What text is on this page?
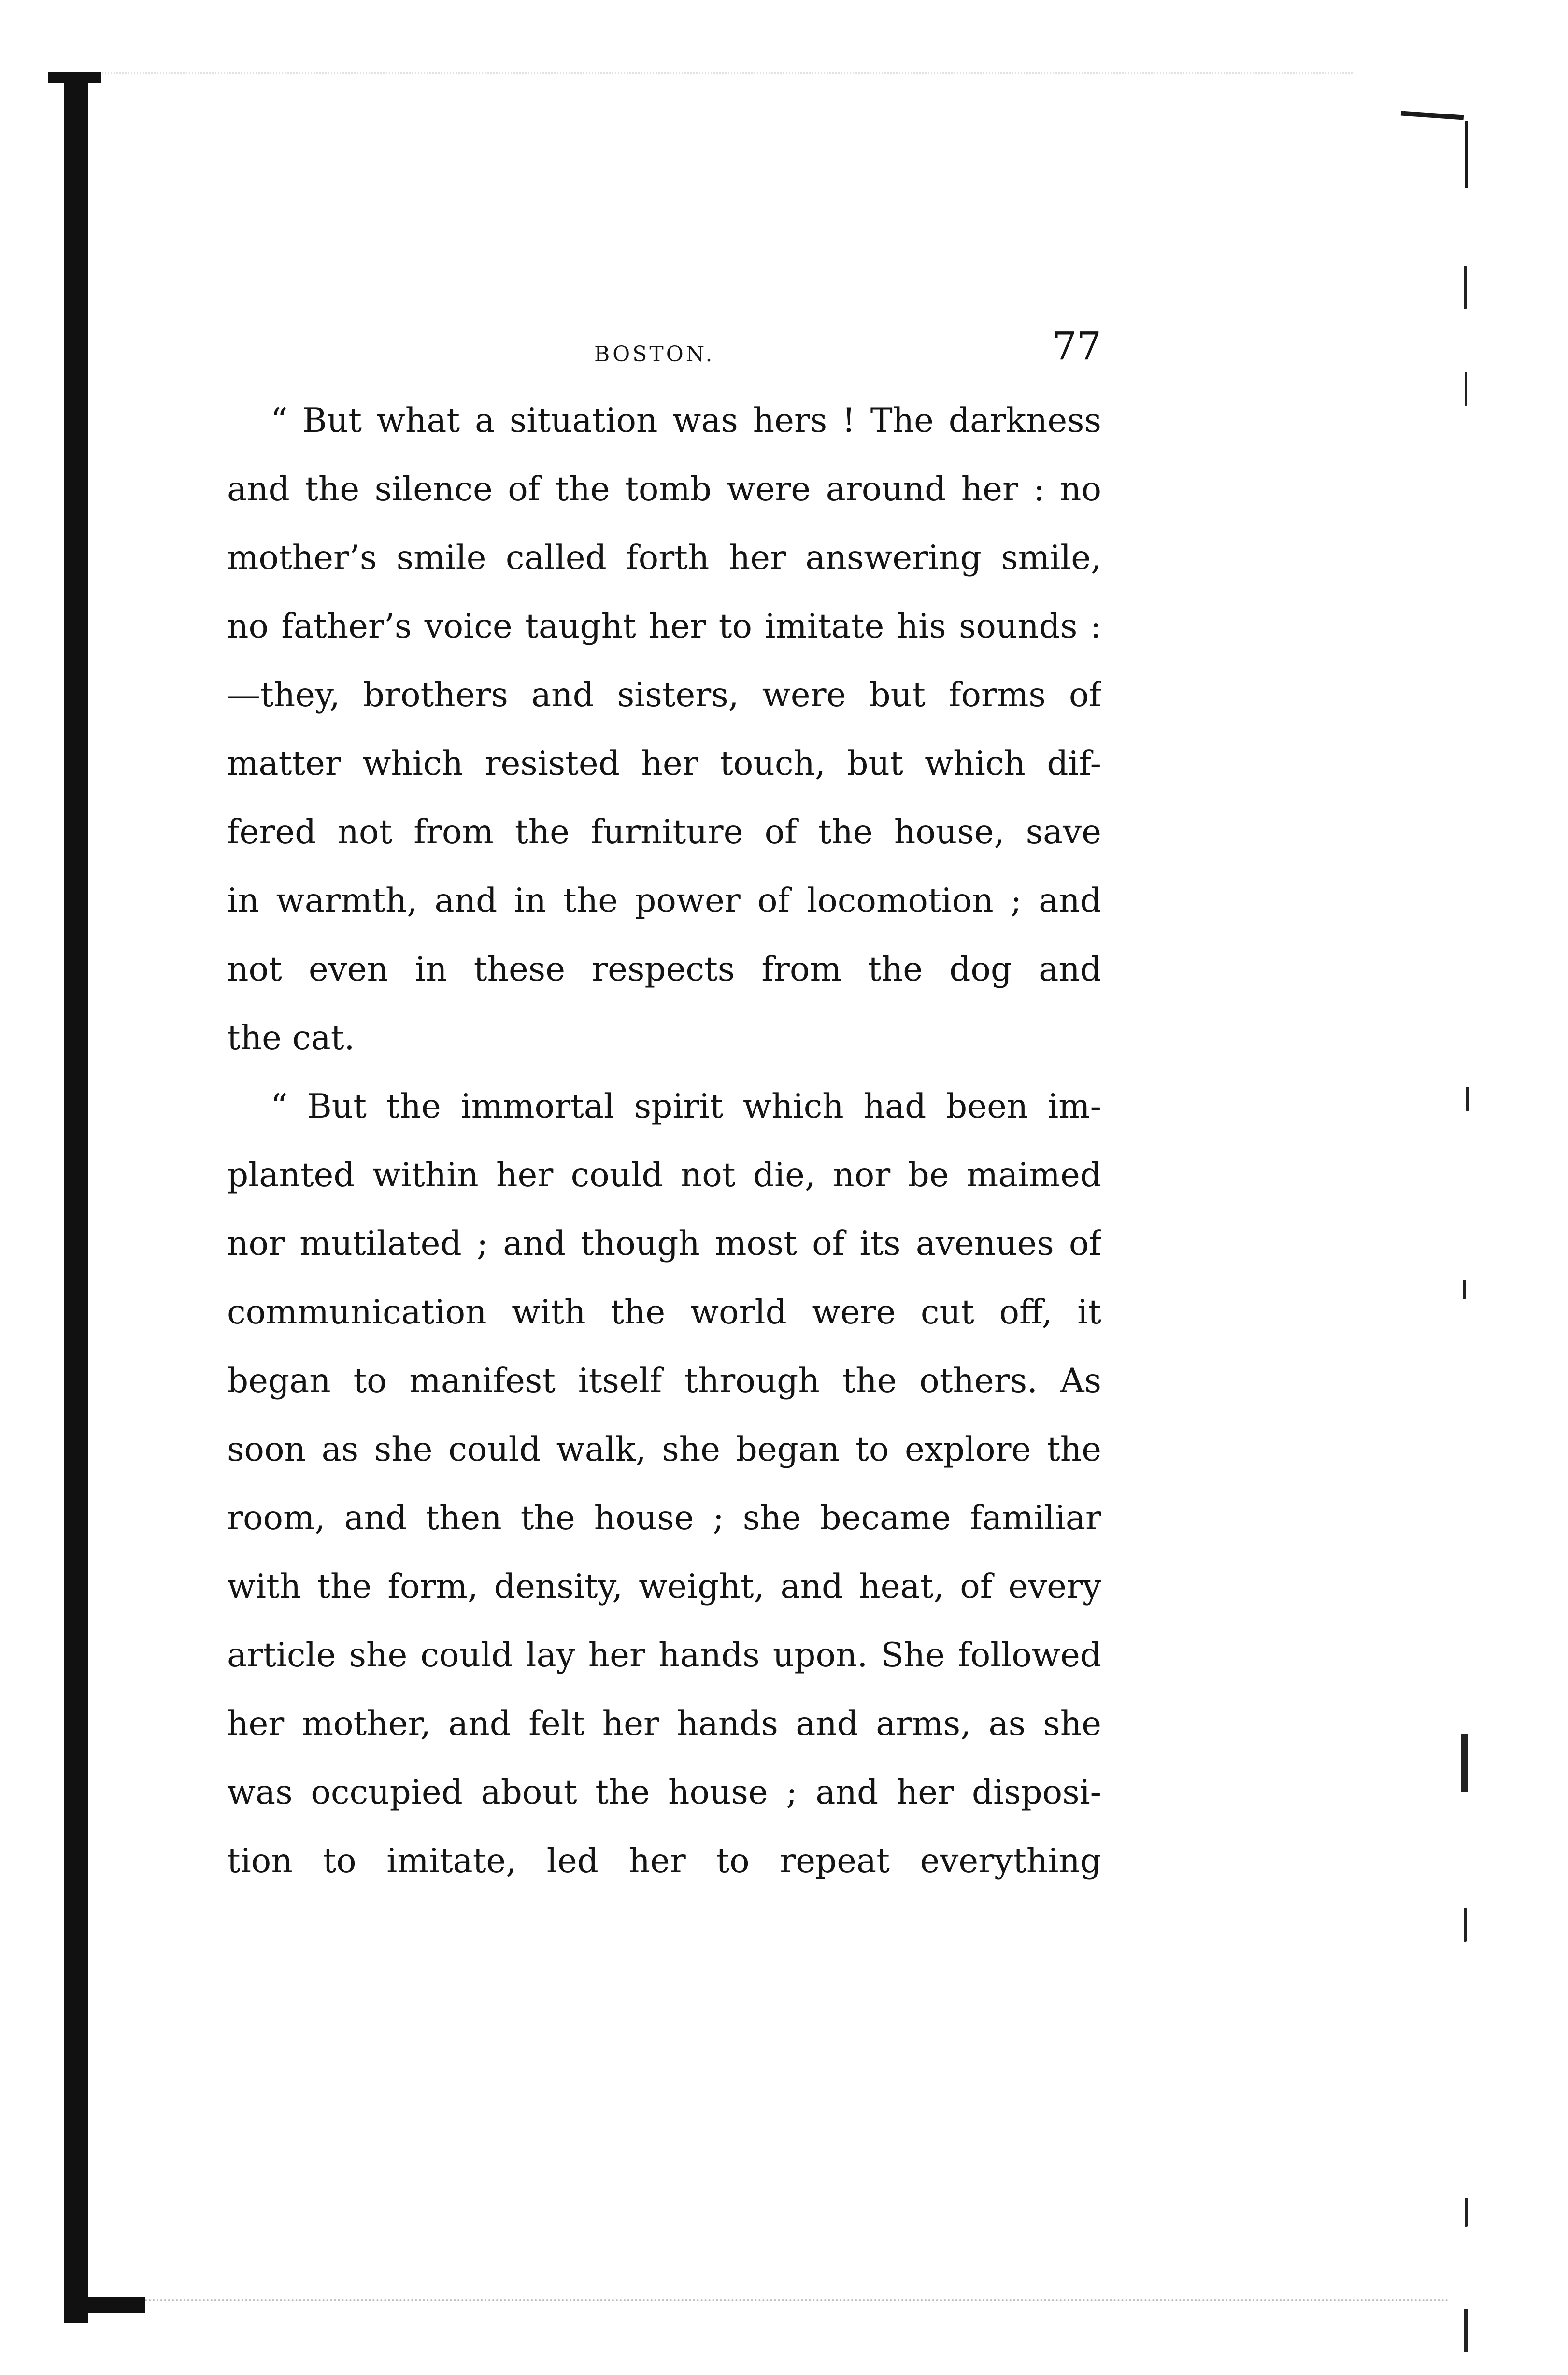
BOSTON.	77

“ But what a situation was hers ! The darkness
and the silence of the tomb were around her : no
mother’s smile called forth her answering smile,
no father’s voice taught her to imitate his sounds :
—they, brothers and sisters, were but forms of
matter which resisted her touch, but which dif-
fered not from the furniture of the house, save
in warmth, and in the power of locomotion ; and
not even in these respects from the dog and
the cat.

“ But the immortal spirit which had been im-
planted within her could not die, nor be maimed
nor mutilated ; and though most of its avenues of
communication with the world were cut off, it
began to manifest itself through the others. As
soon as she could walk, she began to explore the
room, and then the house ; she became familiar
with the form, density, weight, and heat, of every
article she could lay her hands upon. She followed
her mother, and felt her hands and arms, as she
was occupied about the house ; and her disposi-
tion to imitate, led her to repeat everything
